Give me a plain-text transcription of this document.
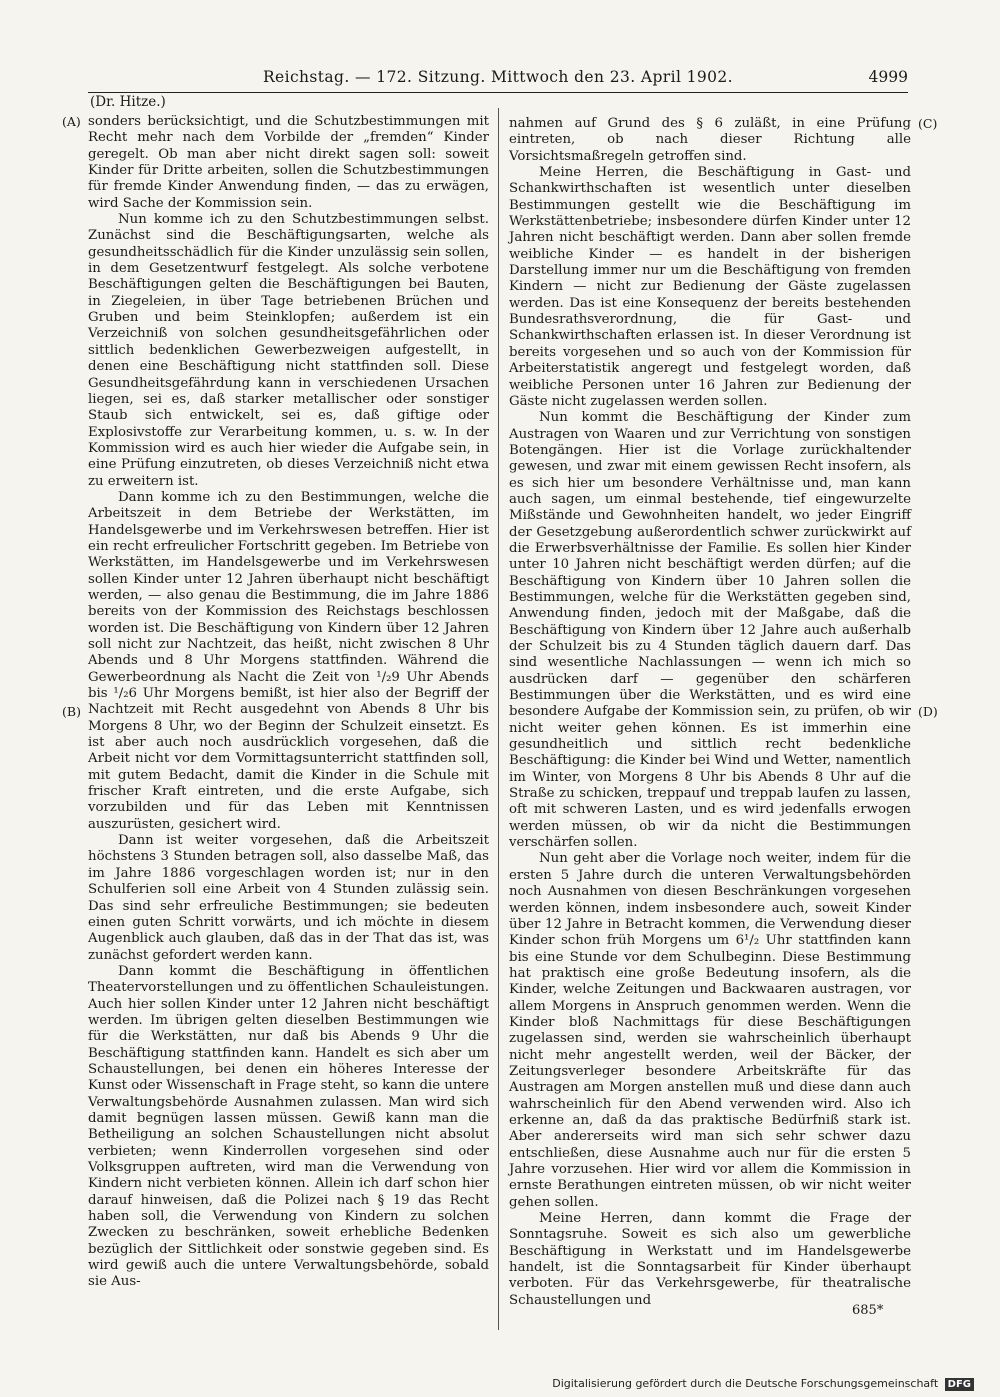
Reichstag. — 172. Sitzung. Mittwoch den 23. April 1902.	4999
(Dr. Hitze.)
(A)
(B)
(C)
(D)

sonders berücksichtigt, und die Schutzbestimmungen mit Recht mehr nach dem Vorbilde der „fremden“ Kinder geregelt. Ob man aber nicht direkt sagen soll: soweit Kinder für Dritte arbeiten, sollen die Schutzbestimmungen für fremde Kinder Anwendung finden, — das zu erwägen, wird Sache der Kommission sein.

Nun komme ich zu den Schutzbestimmungen selbst. Zunächst sind die Beschäftigungsarten, welche als gesundheitsschädlich für die Kinder unzulässig sein sollen, in dem Gesetzentwurf festgelegt. Als solche verbotene Beschäftigungen gelten die Beschäftigungen bei Bauten, in Ziegeleien, in über Tage betriebenen Brüchen und Gruben und beim Steinklopfen; außerdem ist ein Verzeichniß von solchen gesundheitsgefährlichen oder sittlich bedenklichen Gewerbezweigen aufgestellt, in denen eine Beschäftigung nicht stattfinden soll. Diese Gesundheitsgefährdung kann in verschiedenen Ursachen liegen, sei es, daß starker metallischer oder sonstiger Staub sich entwickelt, sei es, daß giftige oder Explosivstoffe zur Verarbeitung kommen, u. s. w. In der Kommission wird es auch hier wieder die Aufgabe sein, in eine Prüfung einzutreten, ob dieses Verzeichniß nicht etwa zu erweitern ist.

Dann komme ich zu den Bestimmungen, welche die Arbeitszeit in dem Betriebe der Werkstätten, im Handelsgewerbe und im Verkehrswesen betreffen. Hier ist ein recht erfreulicher Fortschritt gegeben. Im Betriebe von Werkstätten, im Handelsgewerbe und im Verkehrswesen sollen Kinder unter 12 Jahren überhaupt nicht beschäftigt werden, — also genau die Bestimmung, die im Jahre 1886 bereits von der Kommission des Reichstags beschlossen worden ist. Die Beschäftigung von Kindern über 12 Jahren soll nicht zur Nachtzeit, das heißt, nicht zwischen 8 Uhr Abends und 8 Uhr Morgens stattfinden. Während die Gewerbeordnung als Nacht die Zeit von ¹/₂9 Uhr Abends bis ¹/₂6 Uhr Morgens bemißt, ist hier also der Begriff der Nachtzeit mit Recht ausgedehnt von Abends 8 Uhr bis Morgens 8 Uhr, wo der Beginn der Schulzeit einsetzt. Es ist aber auch noch ausdrücklich vorgesehen, daß die Arbeit nicht vor dem Vormittagsunterricht stattfinden soll, mit gutem Bedacht, damit die Kinder in die Schule mit frischer Kraft eintreten, und die erste Aufgabe, sich vorzubilden und für das Leben mit Kenntnissen auszurüsten, gesichert wird.

Dann ist weiter vorgesehen, daß die Arbeitszeit höchstens 3 Stunden betragen soll, also dasselbe Maß, das im Jahre 1886 vorgeschlagen worden ist; nur in den Schulferien soll eine Arbeit von 4 Stunden zulässig sein. Das sind sehr erfreuliche Bestimmungen; sie bedeuten einen guten Schritt vorwärts, und ich möchte in diesem Augenblick auch glauben, daß das in der That das ist, was zunächst gefordert werden kann.

Dann kommt die Beschäftigung in öffentlichen Theatervorstellungen und zu öffentlichen Schauleistungen. Auch hier sollen Kinder unter 12 Jahren nicht beschäftigt werden. Im übrigen gelten dieselben Bestimmungen wie für die Werkstätten, nur daß bis Abends 9 Uhr die Beschäftigung stattfinden kann. Handelt es sich aber um Schaustellungen, bei denen ein höheres Interesse der Kunst oder Wissenschaft in Frage steht, so kann die untere Verwaltungsbehörde Ausnahmen zulassen. Man wird sich damit begnügen lassen müssen. Gewiß kann man die Betheiligung an solchen Schaustellungen nicht absolut verbieten; wenn Kinderrollen vorgesehen sind oder Volksgruppen auftreten, wird man die Verwendung von Kindern nicht verbieten können. Allein ich darf schon hier darauf hinweisen, daß die Polizei nach § 19 das Recht haben soll, die Verwendung von Kindern zu solchen Zwecken zu beschränken, soweit erhebliche Bedenken bezüglich der Sittlichkeit oder sonstwie gegeben sind. Es wird gewiß auch die untere Verwaltungsbehörde, sobald sie Aus-

nahmen auf Grund des § 6 zuläßt, in eine Prüfung eintreten, ob nach dieser Richtung alle Vorsichtsmaßregeln getroffen sind.

Meine Herren, die Beschäftigung in Gast- und Schankwirthschaften ist wesentlich unter dieselben Bestimmungen gestellt wie die Beschäftigung im Werkstättenbetriebe; insbesondere dürfen Kinder unter 12 Jahren nicht beschäftigt werden. Dann aber sollen fremde weibliche Kinder — es handelt in der bisherigen Darstellung immer nur um die Beschäftigung von fremden Kindern — nicht zur Bedienung der Gäste zugelassen werden. Das ist eine Konsequenz der bereits bestehenden Bundesrathsverordnung, die für Gast- und Schankwirthschaften erlassen ist. In dieser Verordnung ist bereits vorgesehen und so auch von der Kommission für Arbeiterstatistik angeregt und festgelegt worden, daß weibliche Personen unter 16 Jahren zur Bedienung der Gäste nicht zugelassen werden sollen.

Nun kommt die Beschäftigung der Kinder zum Austragen von Waaren und zur Verrichtung von sonstigen Botengängen. Hier ist die Vorlage zurückhaltender gewesen, und zwar mit einem gewissen Recht insofern, als es sich hier um besondere Verhältnisse und, man kann auch sagen, um einmal bestehende, tief eingewurzelte Mißstände und Gewohnheiten handelt, wo jeder Eingriff der Gesetzgebung außerordentlich schwer zurückwirkt auf die Erwerbsverhältnisse der Familie. Es sollen hier Kinder unter 10 Jahren nicht beschäftigt werden dürfen; auf die Beschäftigung von Kindern über 10 Jahren sollen die Bestimmungen, welche für die Werkstätten gegeben sind, Anwendung finden, jedoch mit der Maßgabe, daß die Beschäftigung von Kindern über 12 Jahre auch außerhalb der Schulzeit bis zu 4 Stunden täglich dauern darf. Das sind wesentliche Nachlassungen — wenn ich mich so ausdrücken darf — gegenüber den schärferen Bestimmungen über die Werkstätten, und es wird eine besondere Aufgabe der Kommission sein, zu prüfen, ob wir nicht weiter gehen können. Es ist immerhin eine gesundheitlich und sittlich recht bedenkliche Beschäftigung: die Kinder bei Wind und Wetter, namentlich im Winter, von Morgens 8 Uhr bis Abends 8 Uhr auf die Straße zu schicken, treppauf und treppab laufen zu lassen, oft mit schweren Lasten, und es wird jedenfalls erwogen werden müssen, ob wir da nicht die Bestimmungen verschärfen sollen.

Nun geht aber die Vorlage noch weiter, indem für die ersten 5 Jahre durch die unteren Verwaltungsbehörden noch Ausnahmen von diesen Beschränkungen vorgesehen werden können, indem insbesondere auch, soweit Kinder über 12 Jahre in Betracht kommen, die Verwendung dieser Kinder schon früh Morgens um 6¹/₂ Uhr stattfinden kann bis eine Stunde vor dem Schulbeginn. Diese Bestimmung hat praktisch eine große Bedeutung insofern, als die Kinder, welche Zeitungen und Backwaaren austragen, vor allem Morgens in Anspruch genommen werden. Wenn die Kinder bloß Nachmittags für diese Beschäftigungen zugelassen sind, werden sie wahrscheinlich überhaupt nicht mehr angestellt werden, weil der Bäcker, der Zeitungsverleger besondere Arbeitskräfte für das Austragen am Morgen anstellen muß und diese dann auch wahrscheinlich für den Abend verwenden wird. Also ich erkenne an, daß da das praktische Bedürfniß stark ist. Aber andererseits wird man sich sehr schwer dazu entschließen, diese Ausnahme auch nur für die ersten 5 Jahre vorzusehen. Hier wird vor allem die Kommission in ernste Berathungen eintreten müssen, ob wir nicht weiter gehen sollen.

Meine Herren, dann kommt die Frage der Sonntagsruhe. Soweit es sich also um gewerbliche Beschäftigung in Werkstatt und im Handelsgewerbe handelt, ist die Sonntagsarbeit für Kinder überhaupt verboten. Für das Verkehrsgewerbe, für theatralische Schaustellungen und

685*
Digitalisierung gefördert durch die Deutsche Forschungsgemeinschaft DFG
